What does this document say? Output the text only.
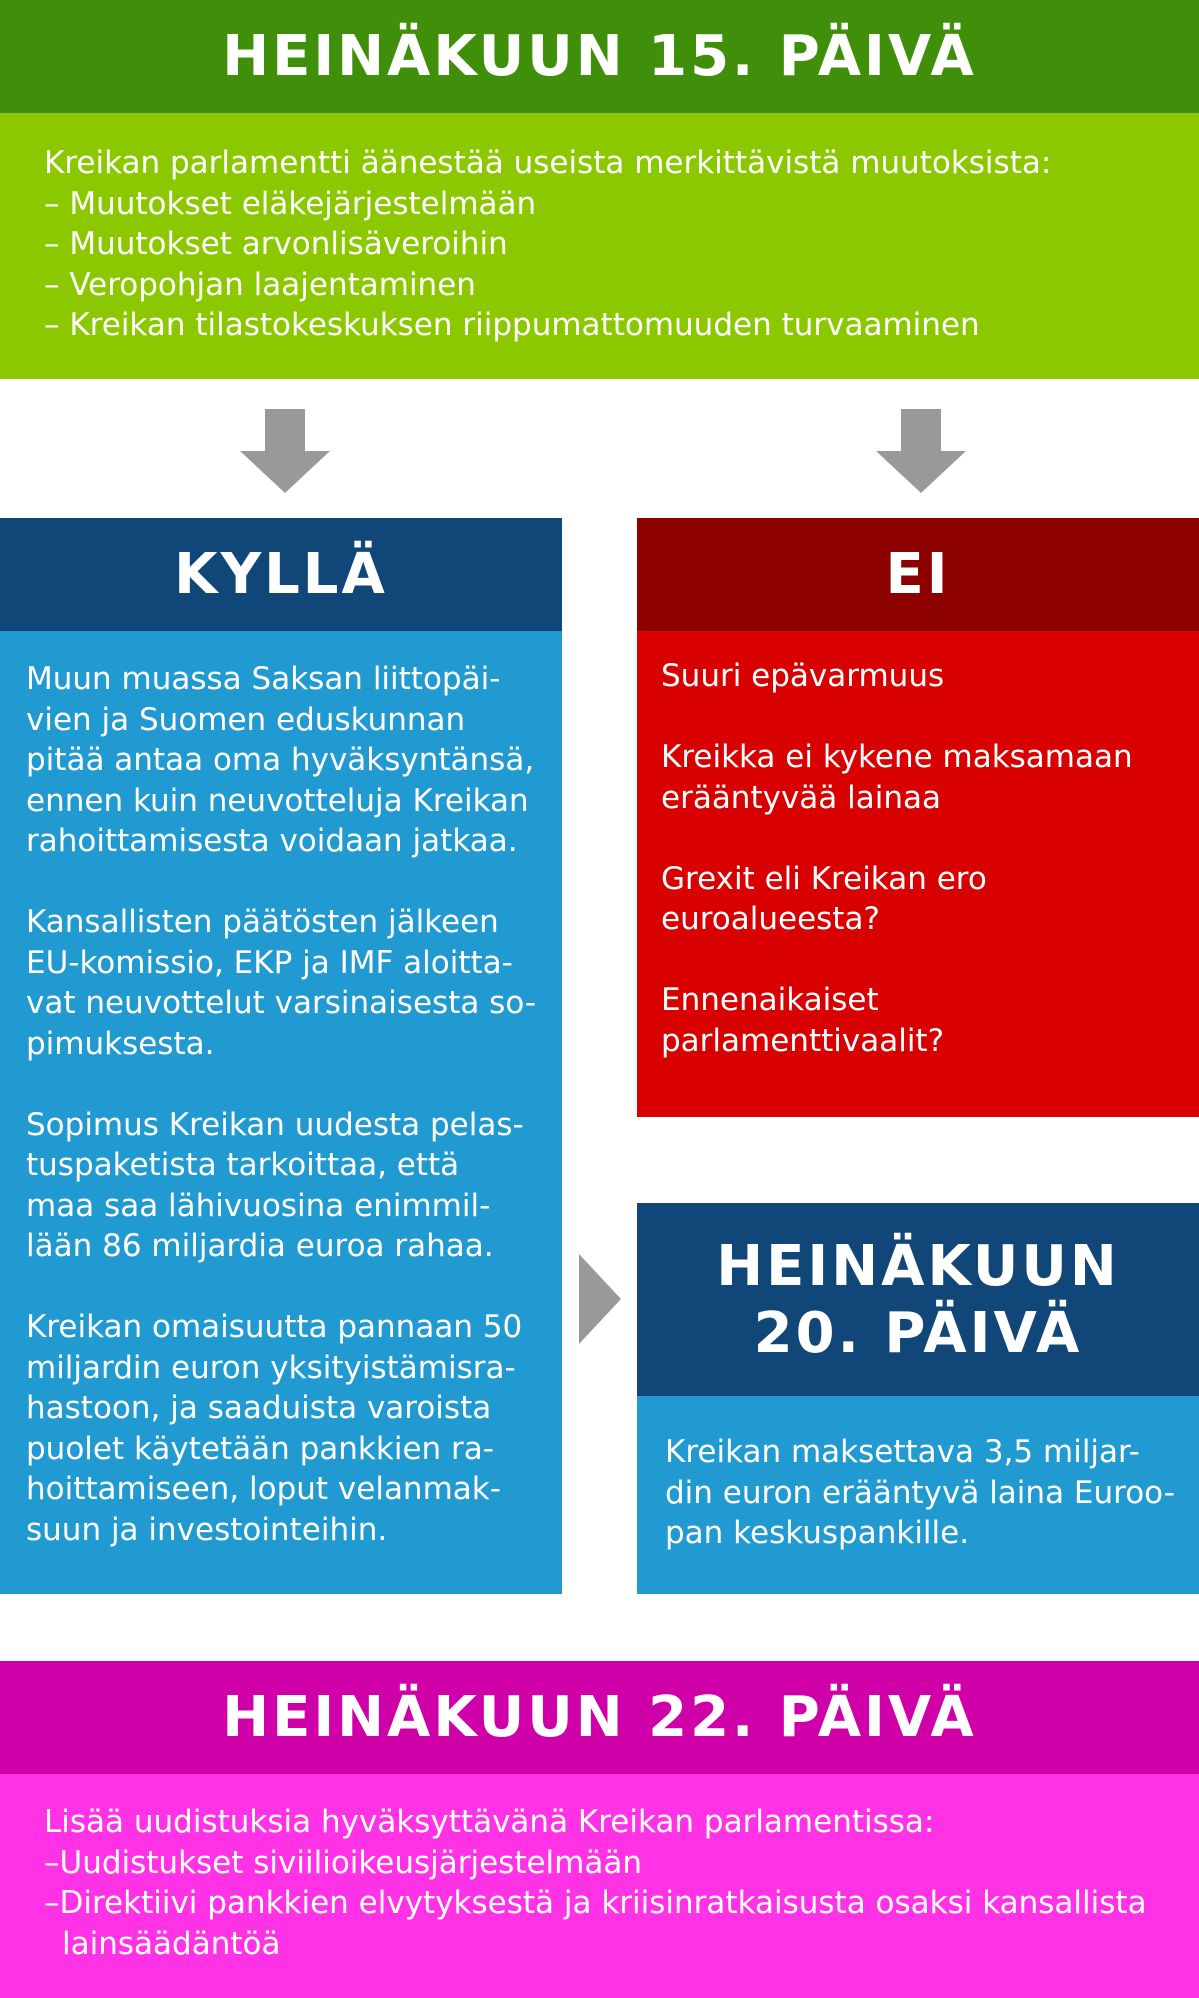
HEINÄKUUN 15. PÄIVÄ
Kreikan parlamentti äänestää useista merkittävistä muutoksista:
– Muutokset eläkejärjestelmään
– Muutokset arvonlisäveroihin
– Veropohjan laajentaminen
– Kreikan tilastokeskuksen riippumattomuuden turvaaminen
KYLLÄ
Muun muassa Saksan liittopäi-
vien ja Suomen eduskunnan
pitää antaa oma hyväksyntänsä,
ennen kuin neuvotteluja Kreikan
rahoittamisesta voidaan jatkaa.
Kansallisten päätösten jälkeen
EU-komissio, EKP ja IMF aloitta-
vat neuvottelut varsinaisesta so-
pimuksesta.
Sopimus Kreikan uudesta pelas-
tuspaketista tarkoittaa, että
maa saa lähivuosina enimmil-
lään 86 miljardia euroa rahaa.
Kreikan omaisuutta pannaan 50
miljardin euron yksityistämisra-
hastoon, ja saaduista varoista
puolet käytetään pankkien ra-
hoittamiseen, loput velanmak-
suun ja investointeihin.
EI
Suuri epävarmuus
Kreikka ei kykene maksamaan
erääntyvää lainaa
Grexit eli Kreikan ero
euroalueesta?
Ennenaikaiset
parlamenttivaalit?
HEINÄKUUN
20. PÄIVÄ
Kreikan maksettava 3,5 miljar-
din euron erääntyvä laina Euroo-
pan keskuspankille.
HEINÄKUUN 22. PÄIVÄ
Lisää uudistuksia hyväksyttävänä Kreikan parlamentissa:
–Uudistukset siviilioikeusjärjestelmään
–Direktiivi pankkien elvytyksestä ja kriisinratkaisusta osaksi kansallista lainsäädäntöä
